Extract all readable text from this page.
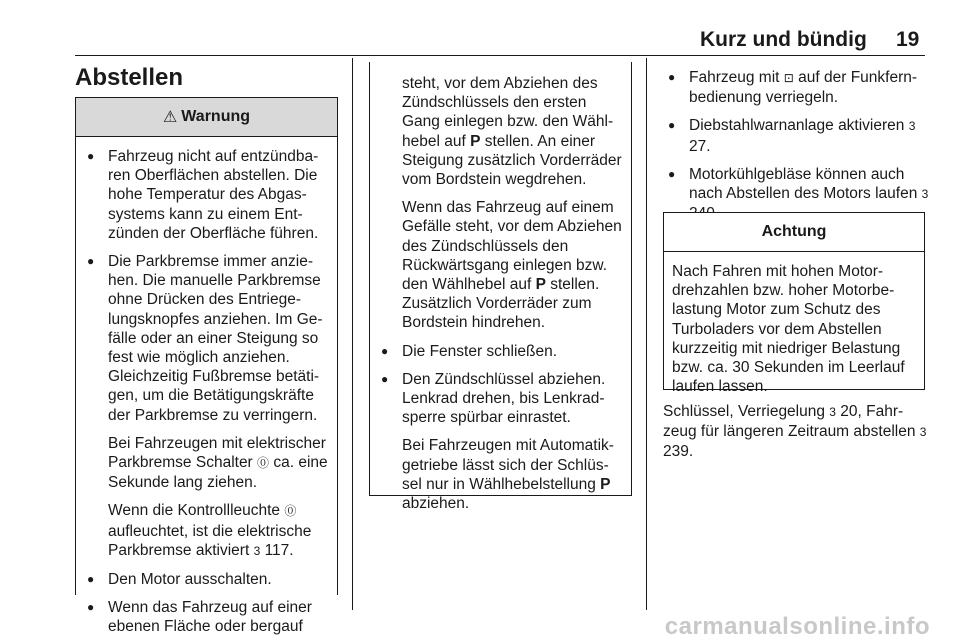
Kurz und bündig 19
Abstellen
⚠ Warnung
● Fahrzeug nicht auf entzündbaren Oberflächen abstellen. Die hohe Temperatur des Abgassystems kann zu einem Entzünden der Oberfläche führen.

● Die Parkbremse immer anziehen. Die manuelle Parkbremse ohne Drücken des Entriegelungsknopfes anziehen. Im Gefälle oder an einer Steigung so fest wie möglich anziehen. Gleichzeitig Fußbremse betätigen, um die Betätigungskräfte der Parkbremse zu verringern.

Bei Fahrzeugen mit elektrischer Parkbremse Schalter ⓪ ca. eine Sekunde lang ziehen.

Wenn die Kontrollleuchte ⓪ aufleuchtet, ist die elektrische Parkbremse aktiviert 3 117.

● Den Motor ausschalten.
● Wenn das Fahrzeug auf einer ebenen Fläche oder bergauf

steht, vor dem Abziehen des Zündschlüssels den ersten Gang einlegen bzw. den Wählhebel auf P stellen. An einer Steigung zusätzlich Vorderräder vom Bordstein wegdrehen.

Wenn das Fahrzeug auf einem Gefälle steht, vor dem Abziehen des Zündschlüssels den Rückwärtsgang einlegen bzw. den Wählhebel auf P stellen. Zusätzlich Vorderräder zum Bordstein hindrehen.

● Die Fenster schließen.

● Den Zündschlüssel abziehen. Lenkrad drehen, bis Lenkradsperre spürbar einrastet.

Bei Fahrzeugen mit Automatikgetriebe lässt sich der Schlüssel nur in Wählhebelstellung P abziehen.

● Fahrzeug mit ⊡ auf der Funkfernbedienung verriegeln.
● Diebstahlwarnanlage aktivieren 3 27.
● Motorkühlgebläse können auch nach Abstellen des Motors laufen 3
Achtung

Nach Fahren mit hohen Motordrehzahlen bzw. hoher Motorbelastung Motor zum Schutz des Turboladers vor dem Abstellen kurzzeitig mit niedriger Belastung bzw. ca. 30 Sekunden im Leerlauf laufen lassen.

Schlüssel, Verriegelung 3 20, Fahrzeug für längeren Zeitraum abstellen 3 239.
carmanualsonline.info
